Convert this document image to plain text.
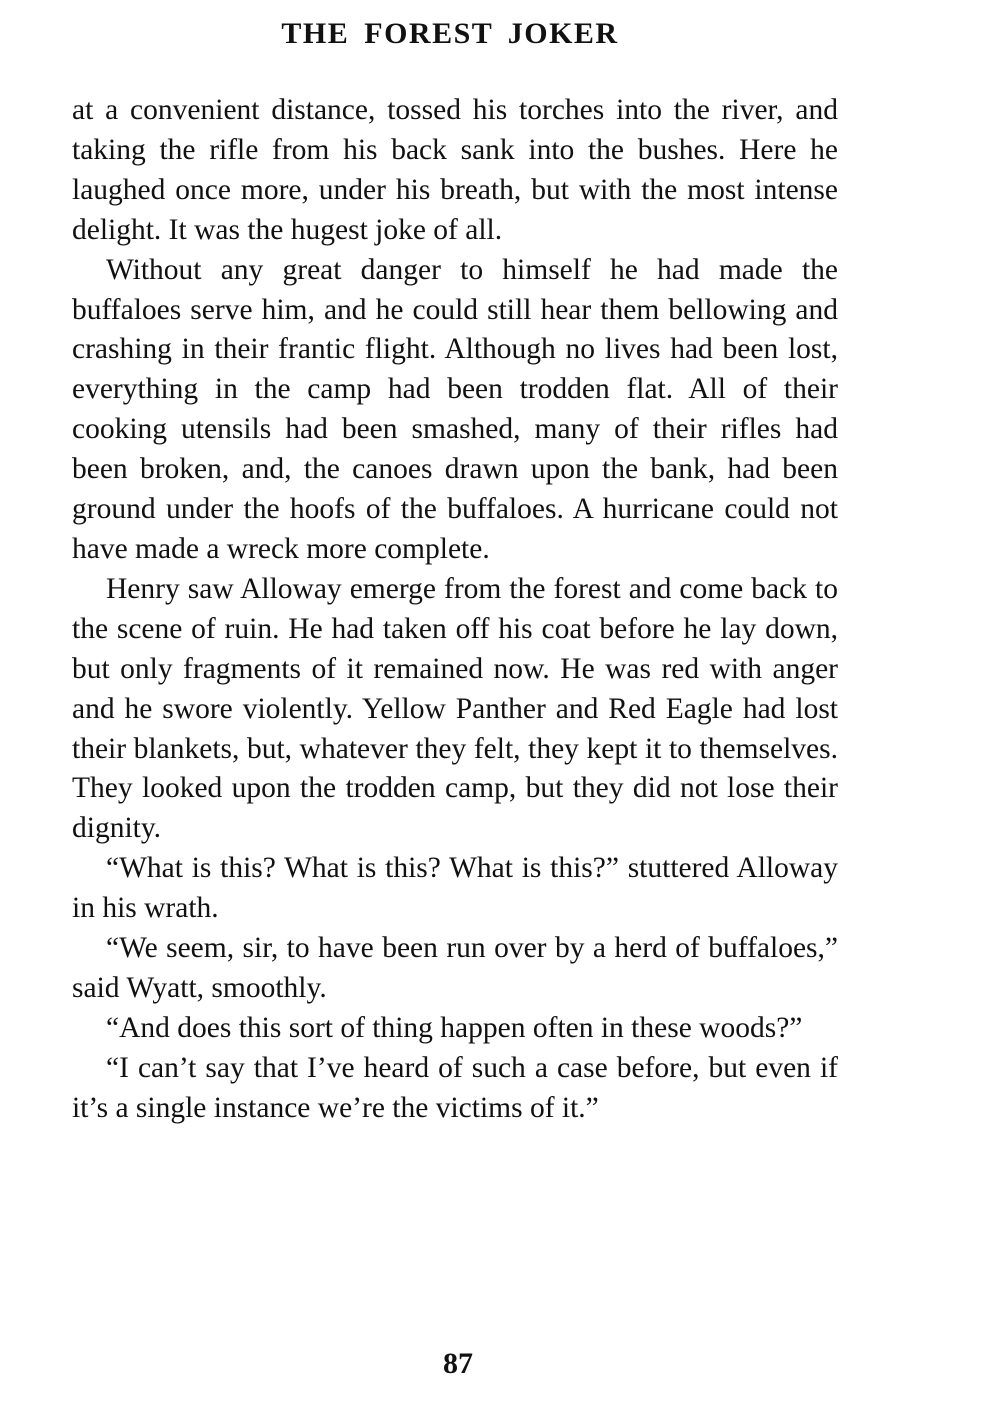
THE FOREST JOKER

at a convenient distance, tossed his torches into the river, and taking the rifle from his back sank into the bushes. Here he laughed once more, under his breath, but with the most intense delight. It was the hugest joke of all.

Without any great danger to himself he had made the buffaloes serve him, and he could still hear them bellowing and crashing in their frantic flight. Although no lives had been lost, everything in the camp had been trodden flat. All of their cooking utensils had been smashed, many of their rifles had been broken, and, the canoes drawn upon the bank, had been ground under the hoofs of the buffaloes. A hurricane could not have made a wreck more complete.

Henry saw Alloway emerge from the forest and come back to the scene of ruin. He had taken off his coat before he lay down, but only fragments of it remained now. He was red with anger and he swore violently. Yellow Panther and Red Eagle had lost their blankets, but, whatever they felt, they kept it to themselves. They looked upon the trodden camp, but they did not lose their dignity.

“What is this? What is this? What is this?” stuttered Alloway in his wrath.

“We seem, sir, to have been run over by a herd of buffaloes,” said Wyatt, smoothly.

“And does this sort of thing happen often in these woods?”

“I can’t say that I’ve heard of such a case before, but even if it’s a single instance we’re the victims of it.”

87
